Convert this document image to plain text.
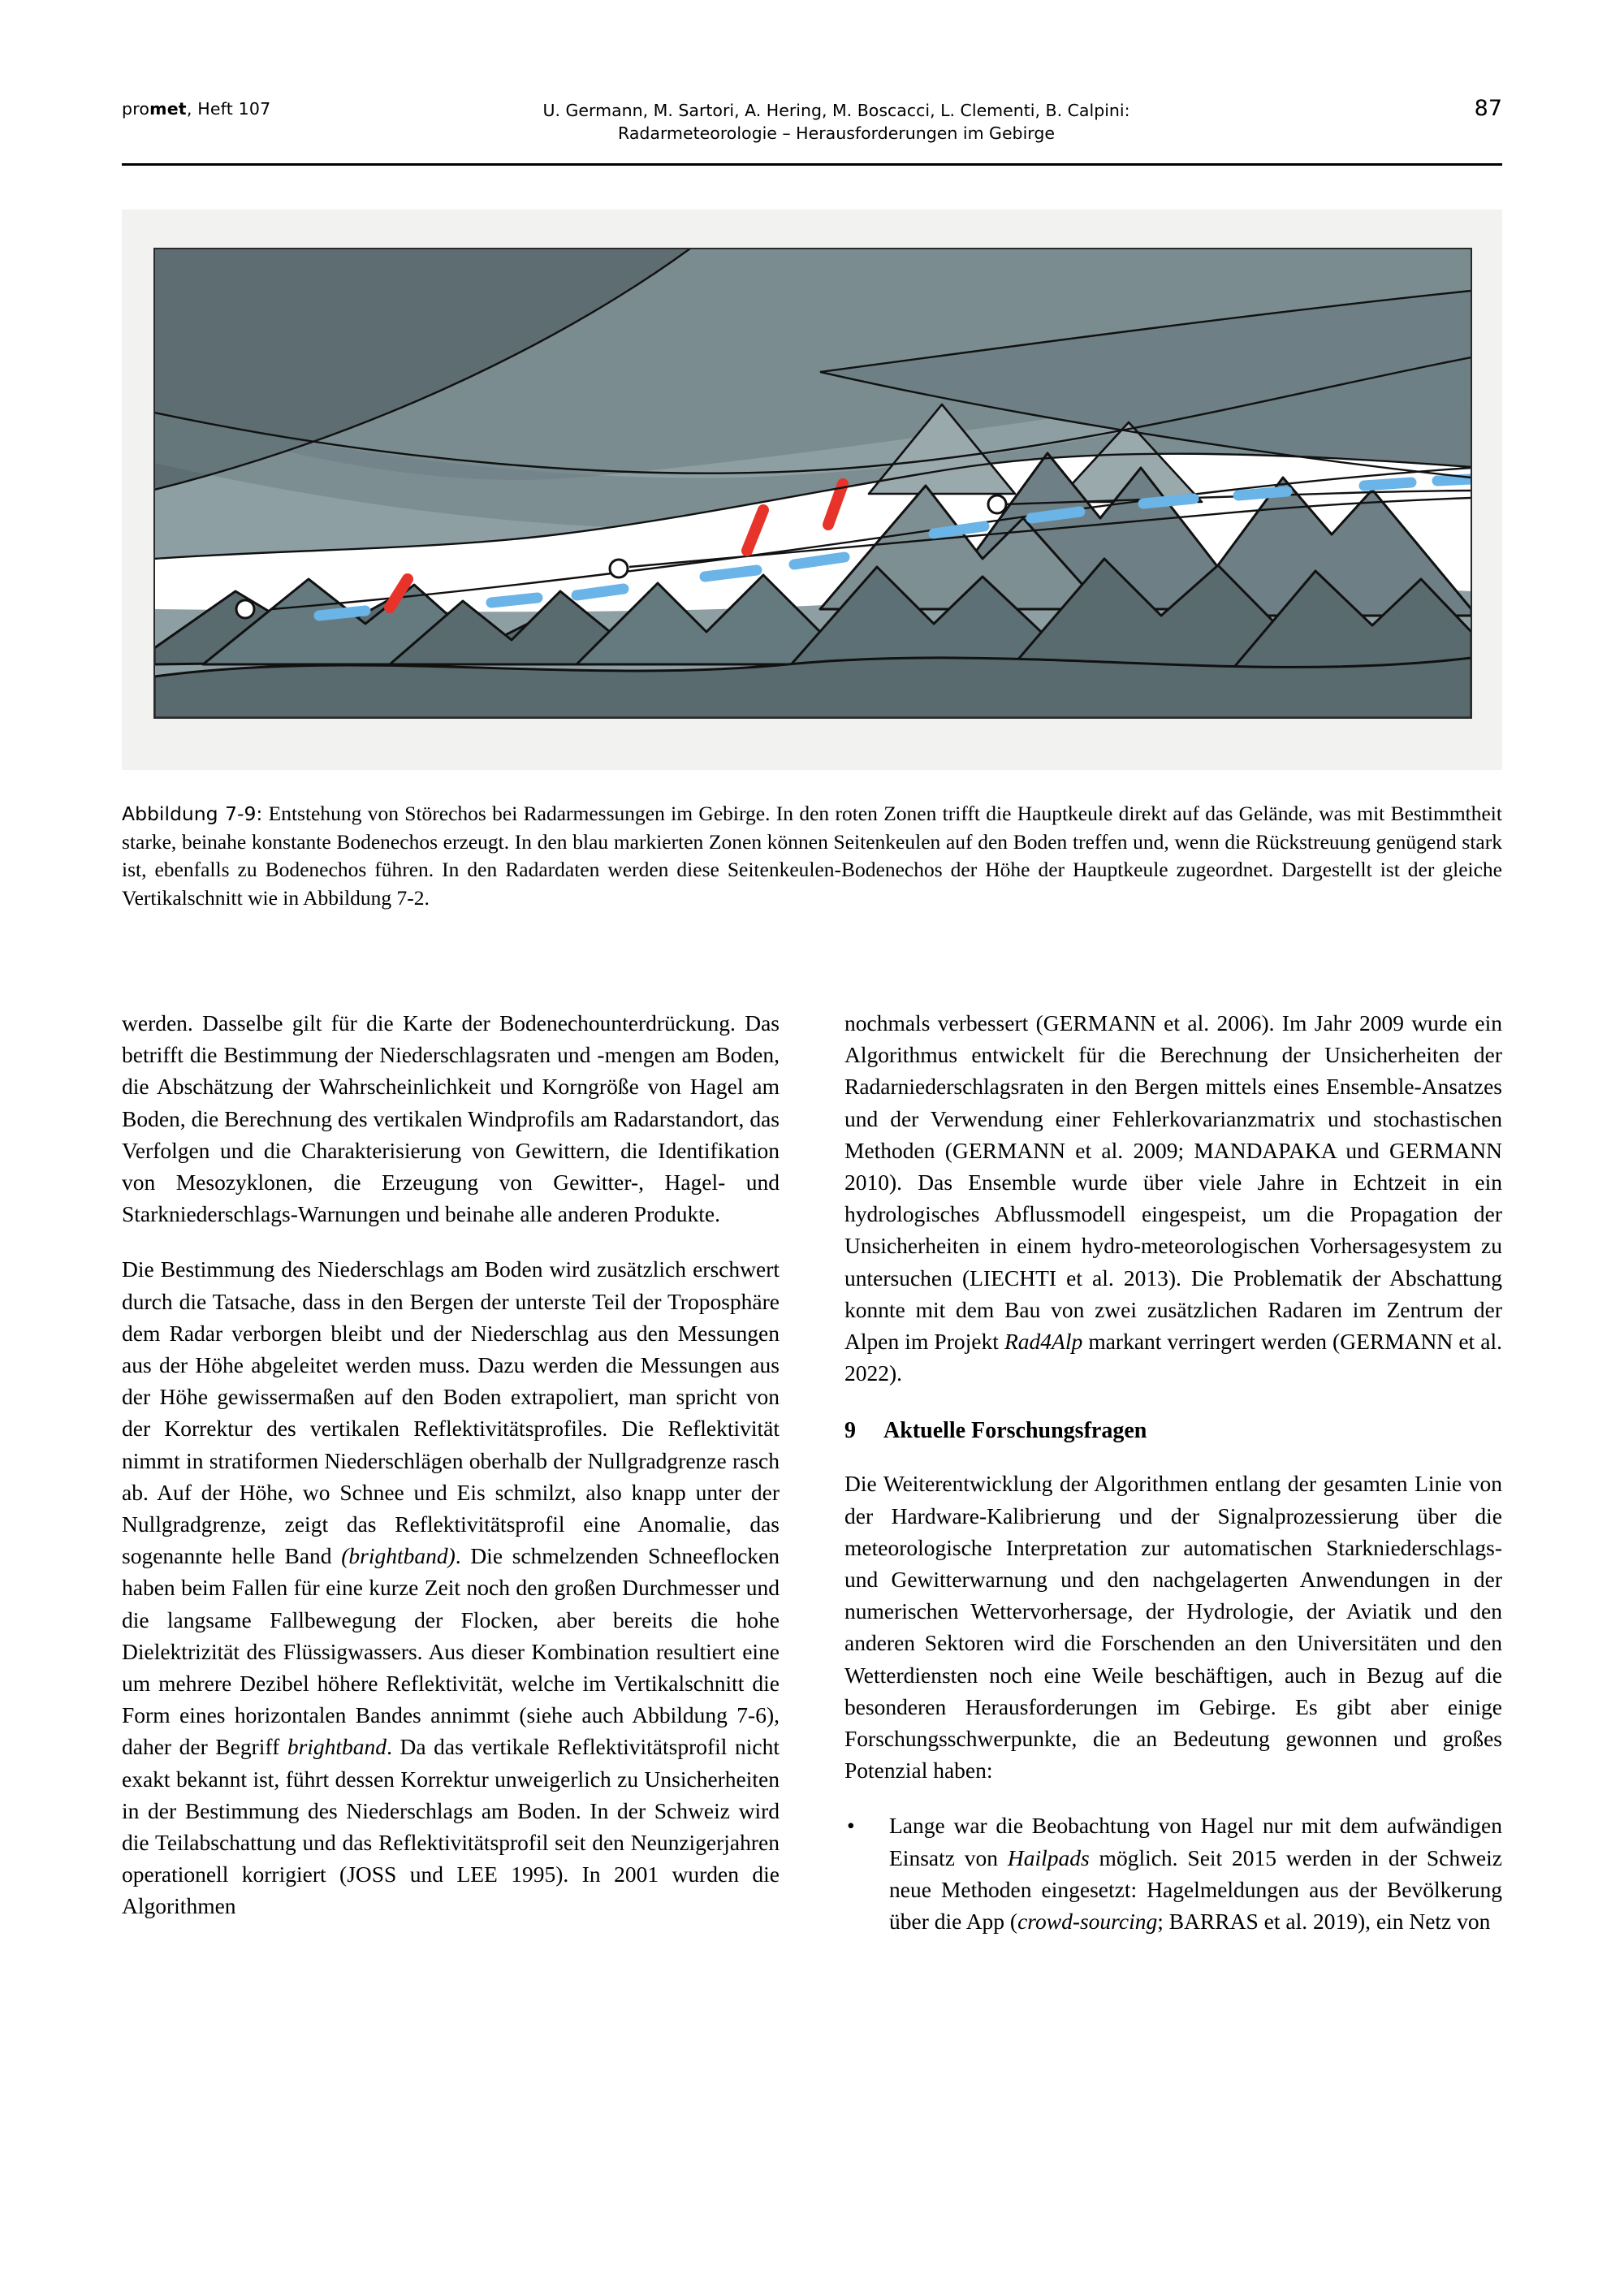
promet, Heft 107	U. Germann, M. Sartori, A. Hering, M. Boscacci, L. Clementi, B. Calpini:
Radarmeteorologie – Herausforderungen im Gebirge
87
Abbildung 7-9: Entstehung von Störechos bei Radarmessungen im Gebirge. In den roten Zonen trifft die Hauptkeule direkt auf das Gelände, was mit Bestimmtheit starke, beinahe konstante Bodenechos erzeugt. In den blau markierten Zonen können Seitenkeulen auf den Boden treffen und, wenn die Rückstreuung genügend stark ist, ebenfalls zu Bodenechos führen. In den Radardaten werden diese Seitenkeulen-Bodenechos der Höhe der Hauptkeule zugeordnet. Dargestellt ist der gleiche Vertikalschnitt wie in Abbildung 7-2.

werden. Dasselbe gilt für die Karte der Bodenechounterdrückung. Das betrifft die Bestimmung der Niederschlagsraten und -mengen am Boden, die Abschätzung der Wahrscheinlichkeit und Korngröße von Hagel am Boden, die Berechnung des vertikalen Windprofils am Radarstandort, das Verfolgen und die Charakterisierung von Gewittern, die Identifikation von Mesozyklonen, die Erzeugung von Gewitter-, Hagel- und Starkniederschlags-Warnungen und beinahe alle anderen Produkte.

Die Bestimmung des Niederschlags am Boden wird zusätzlich erschwert durch die Tatsache, dass in den Bergen der unterste Teil der Troposphäre dem Radar verborgen bleibt und der Niederschlag aus den Messungen aus der Höhe abgeleitet werden muss. Dazu werden die Messungen aus der Höhe gewissermaßen auf den Boden extrapoliert, man spricht von der Korrektur des vertikalen Reflektivitätsprofiles. Die Reflektivität nimmt in stratiformen Niederschlägen oberhalb der Nullgradgrenze rasch ab. Auf der Höhe, wo Schnee und Eis schmilzt, also knapp unter der Nullgradgrenze, zeigt das Reflektivitätsprofil eine Anomalie, das sogenannte helle Band (brightband). Die schmelzenden Schneeflocken haben beim Fallen für eine kurze Zeit noch den großen Durchmesser und die langsame Fallbewegung der Flocken, aber bereits die hohe Dielektrizität des Flüssigwassers. Aus dieser Kombination resultiert eine um mehrere Dezibel höhere Reflektivität, welche im Vertikalschnitt die Form eines horizontalen Bandes annimmt (siehe auch Abbildung 7-6), daher der Begriff brightband. Da das vertikale Reflektivitätsprofil nicht exakt bekannt ist, führt dessen Korrektur unweigerlich zu Unsicherheiten in der Bestimmung des Niederschlags am Boden. In der Schweiz wird die Teilabschattung und das Reflektivitätsprofil seit den Neunzigerjahren operationell korrigiert (JOSS und LEE 1995). In 2001 wurden die Algorithmen

nochmals verbessert (GERMANN et al. 2006). Im Jahr 2009 wurde ein Algorithmus entwickelt für die Berechnung der Unsicherheiten der Radarniederschlagsraten in den Bergen mittels eines Ensemble-Ansatzes und der Verwendung einer Fehlerkovarianzmatrix und stochastischen Methoden (GERMANN et al. 2009; MANDAPAKA und GERMANN 2010). Das Ensemble wurde über viele Jahre in Echtzeit in ein hydrologisches Abflussmodell eingespeist, um die Propagation der Unsicherheiten in einem hydro-meteorologischen Vorhersagesystem zu untersuchen (LIECHTI et al. 2013). Die Problematik der Abschattung konnte mit dem Bau von zwei zusätzlichen Radaren im Zentrum der Alpen im Projekt Rad4Alp markant verringert werden (GERMANN et al. 2022).

9 Aktuelle Forschungsfragen

Die Weiterentwicklung der Algorithmen entlang der gesamten Linie von der Hardware-Kalibrierung und der Signalprozessierung über die meteorologische Interpretation zur automatischen Starkniederschlags- und Gewitterwarnung und den nachgelagerten Anwendungen in der numerischen Wettervorhersage, der Hydrologie, der Aviatik und den anderen Sektoren wird die Forschenden an den Universitäten und den Wetterdiensten noch eine Weile beschäftigen, auch in Bezug auf die besonderen Herausforderungen im Gebirge. Es gibt aber einige Forschungsschwerpunkte, die an Bedeutung gewonnen und großes Potenzial haben:

• Lange war die Beobachtung von Hagel nur mit dem aufwändigen Einsatz von Hailpads möglich. Seit 2015 werden in der Schweiz neue Methoden eingesetzt: Hagelmeldungen aus der Bevölkerung über die App (crowd-sourcing; BARRAS et al. 2019), ein Netz von
